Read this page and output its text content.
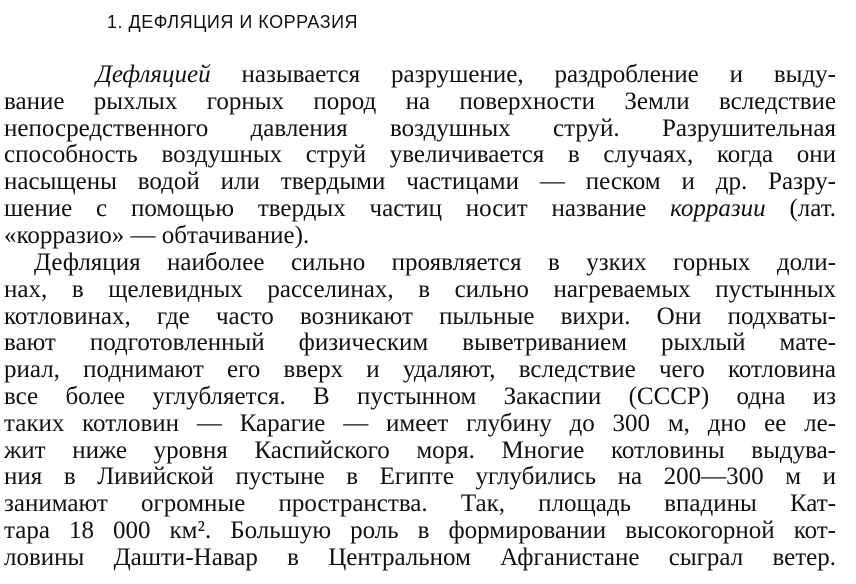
1. ДЕФЛЯЦИЯ И КОРРАЗИЯ
Дефляцией называется разрушение, раздробление и выду-
вание рыхлых горных пород на поверхности Земли вследствие
непосредственного давления воздушных струй. Разрушительная
способность воздушных струй увеличивается в случаях, когда они
насыщены водой или твердыми частицами — песком и др. Разру-
шение с помощью твердых частиц носит название корразии (лат.
«корразио» — обтачивание).
Дефляция наиболее сильно проявляется в узких горных доли-
нах, в щелевидных расселинах, в сильно нагреваемых пустынных
котловинах, где часто возникают пыльные вихри. Они подхваты-
вают подготовленный физическим выветриванием рыхлый мате-
риал, поднимают его вверх и удаляют, вследствие чего котловина
все более углубляется. В пустынном Закаспии (СССР) одна из
таких котловин — Карагие — имеет глубину до 300 м, дно ее ле-
жит ниже уровня Каспийского моря. Многие котловины выдува-
ния в Ливийской пустыне в Египте углубились на 200—300 м и
занимают огромные пространства. Так, площадь впадины Кат-
тара 18 000 км². Большую роль в формировании высокогорной кот-
ловины Дашти-Навар в Центральном Афганистане сыграл ветер.
